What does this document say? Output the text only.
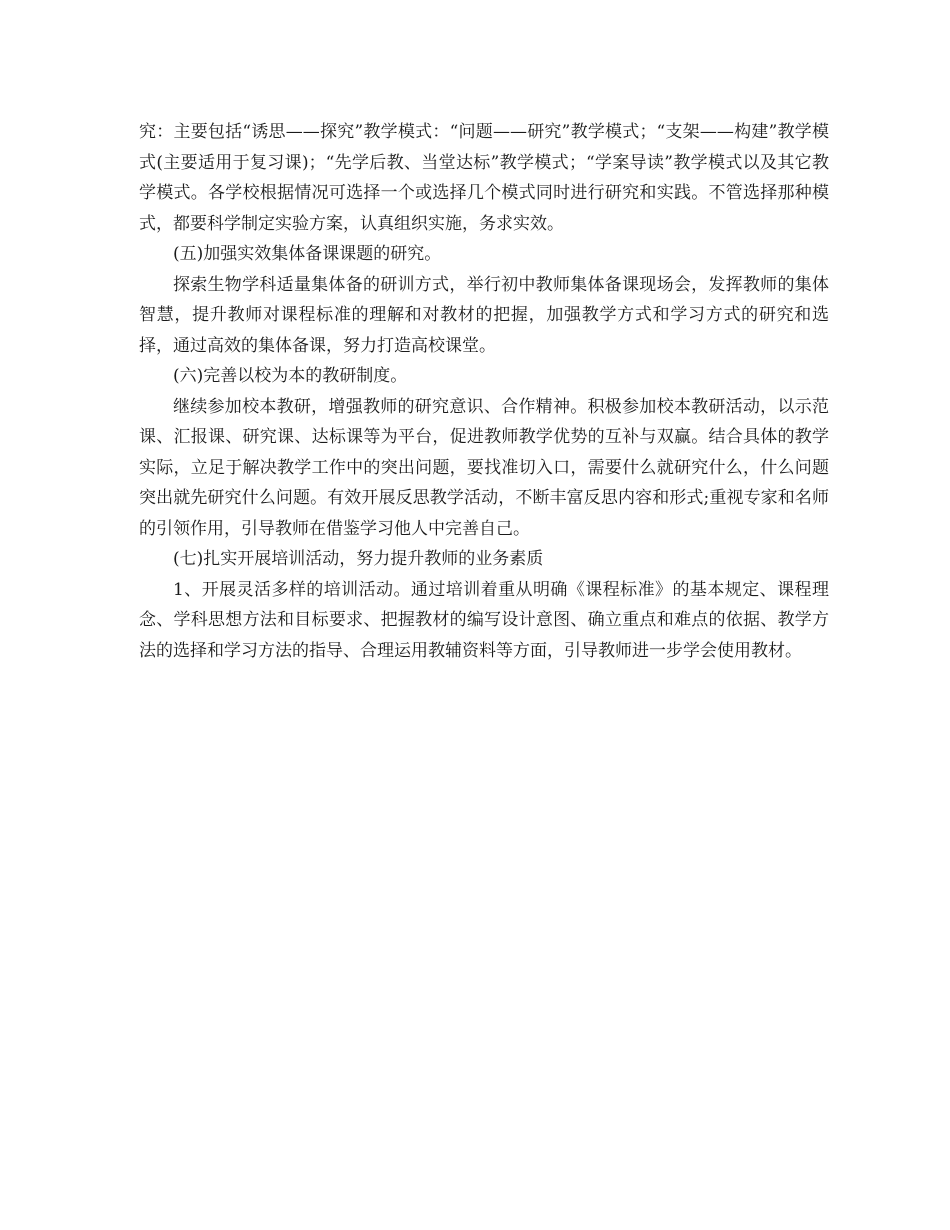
究：主要包括“诱思——探究”教学模式：“问题——研究”教学模式；“支架——构建”教学模式(主要适用于复习课)；“先学后教、当堂达标”教学模式；“学案导读”教学模式以及其它教学模式。各学校根据情况可选择一个或选择几个模式同时进行研究和实践。不管选择那种模式，都要科学制定实验方案，认真组织实施，务求实效。

(五)加强实效集体备课课题的研究。

探索生物学科适量集体备的研训方式，举行初中教师集体备课现场会，发挥教师的集体智慧，提升教师对课程标准的理解和对教材的把握，加强教学方式和学习方式的研究和选择，通过高效的集体备课，努力打造高校课堂。

(六)完善以校为本的教研制度。

继续参加校本教研，增强教师的研究意识、合作精神。积极参加校本教研活动，以示范课、汇报课、研究课、达标课等为平台，促进教师教学优势的互补与双赢。结合具体的教学实际，立足于解决教学工作中的突出问题，要找准切入口，需要什么就研究什么，什么问题突出就先研究什么问题。有效开展反思教学活动，不断丰富反思内容和形式;重视专家和名师的引领作用，引导教师在借鉴学习他人中完善自己。

(七)扎实开展培训活动，努力提升教师的业务素质

1、开展灵活多样的培训活动。通过培训着重从明确《课程标准》的基本规定、课程理念、学科思想方法和目标要求、把握教材的编写设计意图、确立重点和难点的依据、教学方法的选择和学习方法的指导、合理运用教辅资料等方面，引导教师进一步学会使用教材。
